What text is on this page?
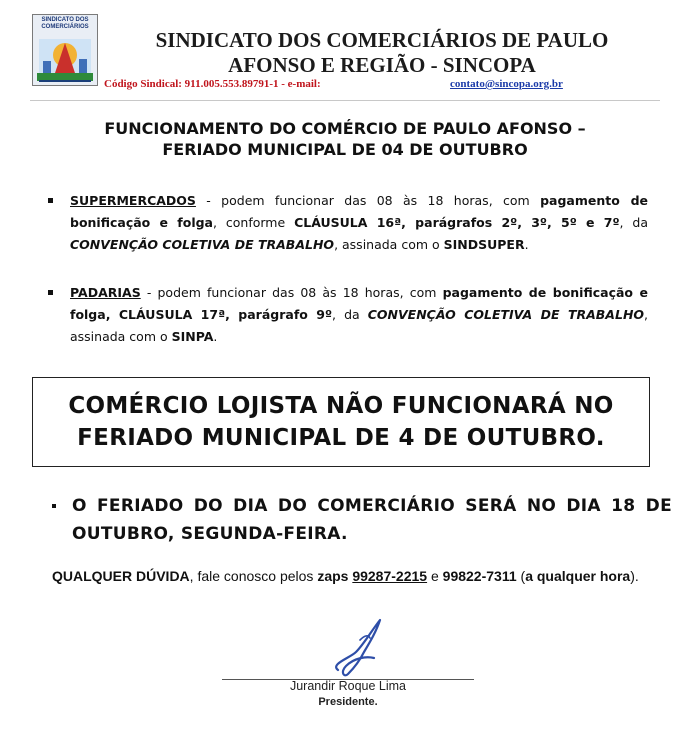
SINDICATO DOS COMERCIÁRIOS
SINDICATO DOS COMERCIÁRIOS DE PAULO
AFONSO E REGIÃO - SINCOPA
Código Sindical: 911.005.553.89791-1 - e-mail:	contato@sincopa.org.br
FUNCIONAMENTO DO COMÉRCIO DE PAULO AFONSO –
FERIADO MUNICIPAL DE 04 DE OUTUBRO
SUPERMERCADOS - podem funcionar das 08 às 18 horas, com pagamento de bonificação e folga, conforme CLÁUSULA 16ª, parágrafos 2º, 3º, 5º e 7º, da CONVENÇÃO COLETIVA DE TRABALHO, assinada com o SINDSUPER.
PADARIAS - podem funcionar das 08 às 18 horas, com pagamento de bonificação e folga, CLÁUSULA 17ª, parágrafo 9º, da CONVENÇÃO COLETIVA DE TRABALHO, assinada com o SINPA.

COMÉRCIO LOJISTA NÃO FUNCIONARÁ NO
FERIADO MUNICIPAL DE 4 DE OUTUBRO.

O FERIADO DO DIA DO COMERCIÁRIO SERÁ NO DIA 18 DE OUTUBRO, SEGUNDA-FEIRA.
QUALQUER DÚVIDA, fale conosco pelos zaps 99287-2215 e 99822-7311 (a qualquer hora).
Jurandir Roque Lima
Presidente.
